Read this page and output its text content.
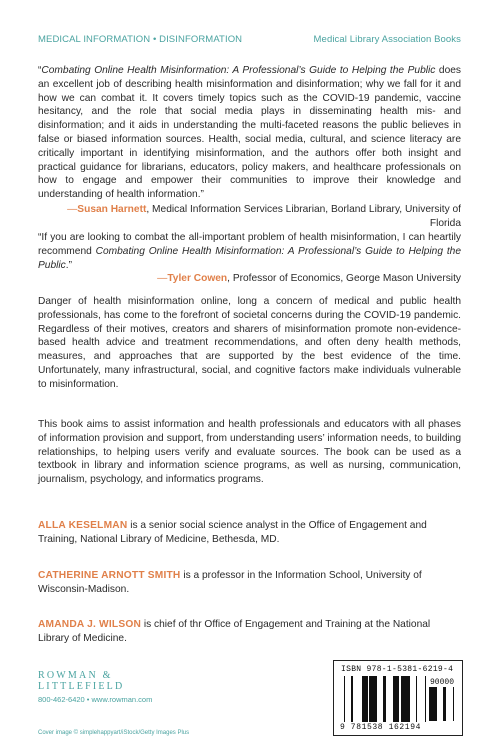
MEDICAL INFORMATION • DISINFORMATION	Medical Library Association Books

“Combating Online Health Misinformation: A Professional’s Guide to Helping the Public does an excellent job of describing health misinformation and disinformation; why we fall for it and how we can combat it. It covers timely topics such as the COVID-19 pandemic, vaccine hesitancy, and the role that social media plays in disseminating health mis- and disinformation; and it aids in understanding the multi-faceted reasons the public believes in false or biased information sources. Health, social media, cultural, and science literacy are critically important in identifying misinformation, and the authors offer both insight and practical guidance for librarians, educators, policy makers, and healthcare professionals on how to engage and empower their communities to improve their knowledge and understanding of health information.”

—Susan Harnett, Medical Information Services Librarian, Borland Library, University of Florida

“If you are looking to combat the all-important problem of health misinformation, I can heartily recommend Combating Online Health Misinformation: A Professional’s Guide to Helping the Public.”

—Tyler Cowen, Professor of Economics, George Mason University

Danger of health misinformation online, long a concern of medical and public health professionals, has come to the forefront of societal concerns during the COVID-19 pandemic. Regardless of their motives, creators and sharers of misinformation promote non-evidence-based health advice and treatment recommendations, and often deny health methods, measures, and approaches that are supported by the best evidence of the time. Unfortunately, many infrastructural, social, and cognitive factors make individuals vulnerable to misinformation.

This book aims to assist information and health professionals and educators with all phases of information provision and support, from understanding users’ information needs, to building relationships, to helping users verify and evaluate sources. The book can be used as a textbook in library and information science programs, as well as nursing, communication, journalism, psychology, and informatics programs.

ALLA KESELMAN is a senior social science analyst in the Office of Engagement and Training, National Library of Medicine, Bethesda, MD.
CATHERINE ARNOTT SMITH is a professor in the Information School, University of Wisconsin-Madison.
AMANDA J. WILSON is chief of thr Office of Engagement and Training at the National Library of Medicine.
ROWMAN &
LITTLEFIELD
800-462-6420 • www.rowman.com
Cover image © simplehappyart/iStock/Getty Images Plus
ISBN 978-1-5381-6219-4
90000
9 781538 162194
